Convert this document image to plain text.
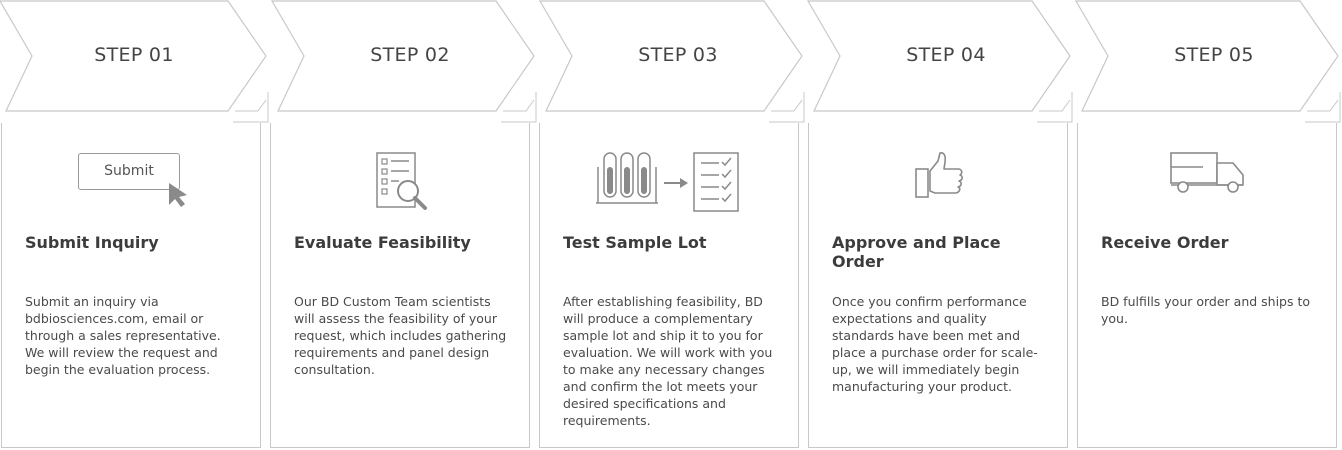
STEP 01
Submit
Submit Inquiry

Submit an inquiry via bdbiosciences.com, email or through a sales representative. We will review the request and begin the evaluation process.

STEP 02
Evaluate Feasibility

Our BD Custom Team scientists will assess the feasibility of your request, which includes gathering requirements and panel design consultation.

STEP 03
Test Sample Lot

After establishing feasibility, BD will produce a complementary sample lot and ship it to you for evaluation. We will work with you to make any necessary changes and confirm the lot meets your desired specifications and requirements.

STEP 04
Approve and Place Order

Once you confirm performance expectations and quality standards have been met and place a purchase order for scale-up, we will immediately begin manufacturing your product.

STEP 05
Receive Order

BD fulfills your order and ships to you.
